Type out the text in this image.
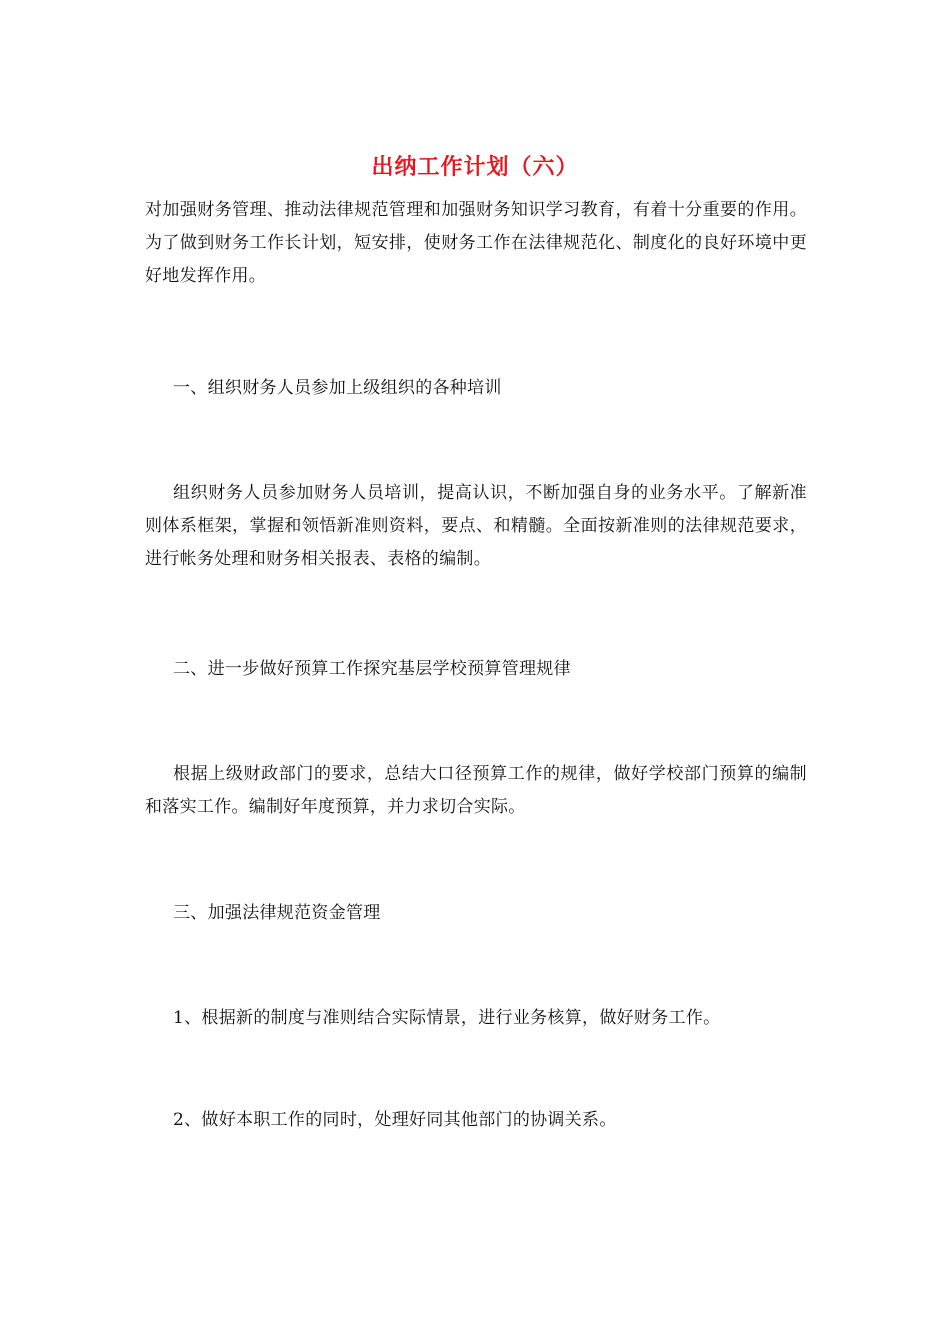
出纳工作计划（六）

对加强财务管理、推动法律规范管理和加强财务知识学习教育，有着十分重要的作用。为了做到财务工作长计划，短安排，使财务工作在法律规范化、制度化的良好环境中更好地发挥作用。

一、组织财务人员参加上级组织的各种培训

组织财务人员参加财务人员培训，提高认识，不断加强自身的业务水平。了解新准则体系框架，掌握和领悟新准则资料，要点、和精髓。全面按新准则的法律规范要求，进行帐务处理和财务相关报表、表格的编制。

二、进一步做好预算工作探究基层学校预算管理规律

根据上级财政部门的要求，总结大口径预算工作的规律，做好学校部门预算的编制和落实工作。编制好年度预算，并力求切合实际。

三、加强法律规范资金管理

1、根据新的制度与准则结合实际情景，进行业务核算，做好财务工作。

2、做好本职工作的同时，处理好同其他部门的协调关系。
